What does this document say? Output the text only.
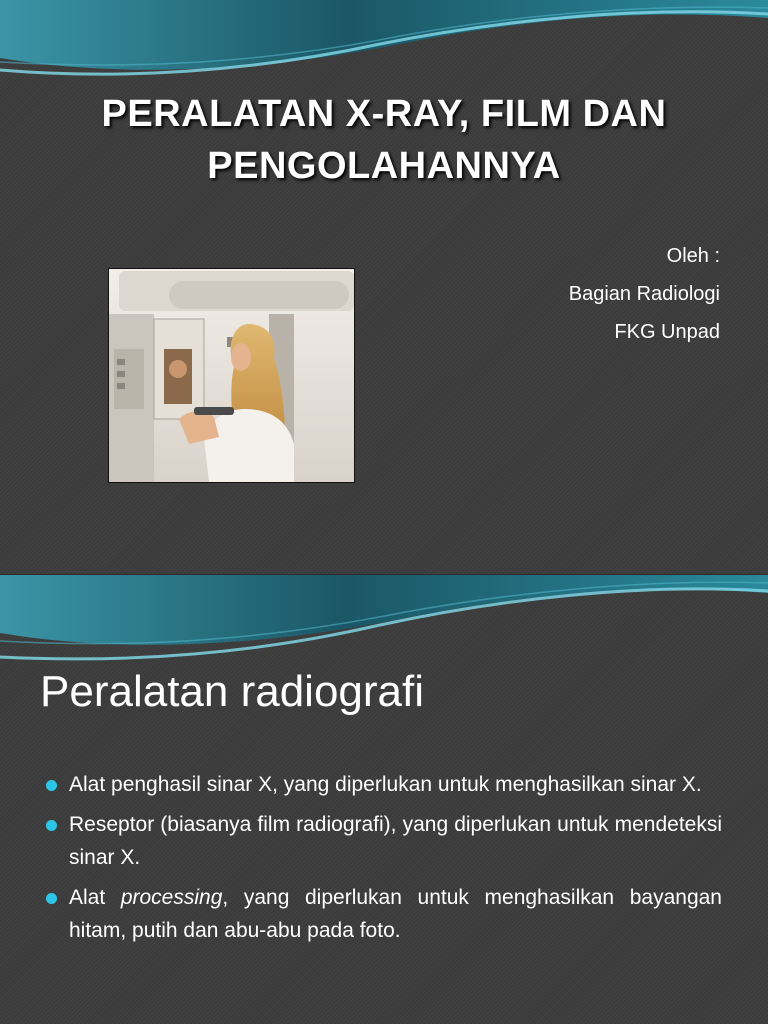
PERALATAN X-RAY, FILM DAN
PENGOLAHANNYA
Oleh :
Bagian Radiologi
FKG Unpad
Peralatan radiografi
Alat penghasil sinar X, yang diperlukan untuk menghasilkan sinar X.
Reseptor (biasanya film radiografi), yang diperlukan untuk mendeteksi sinar X.
Alat processing, yang diperlukan untuk menghasilkan bayangan hitam, putih dan abu-abu pada foto.
